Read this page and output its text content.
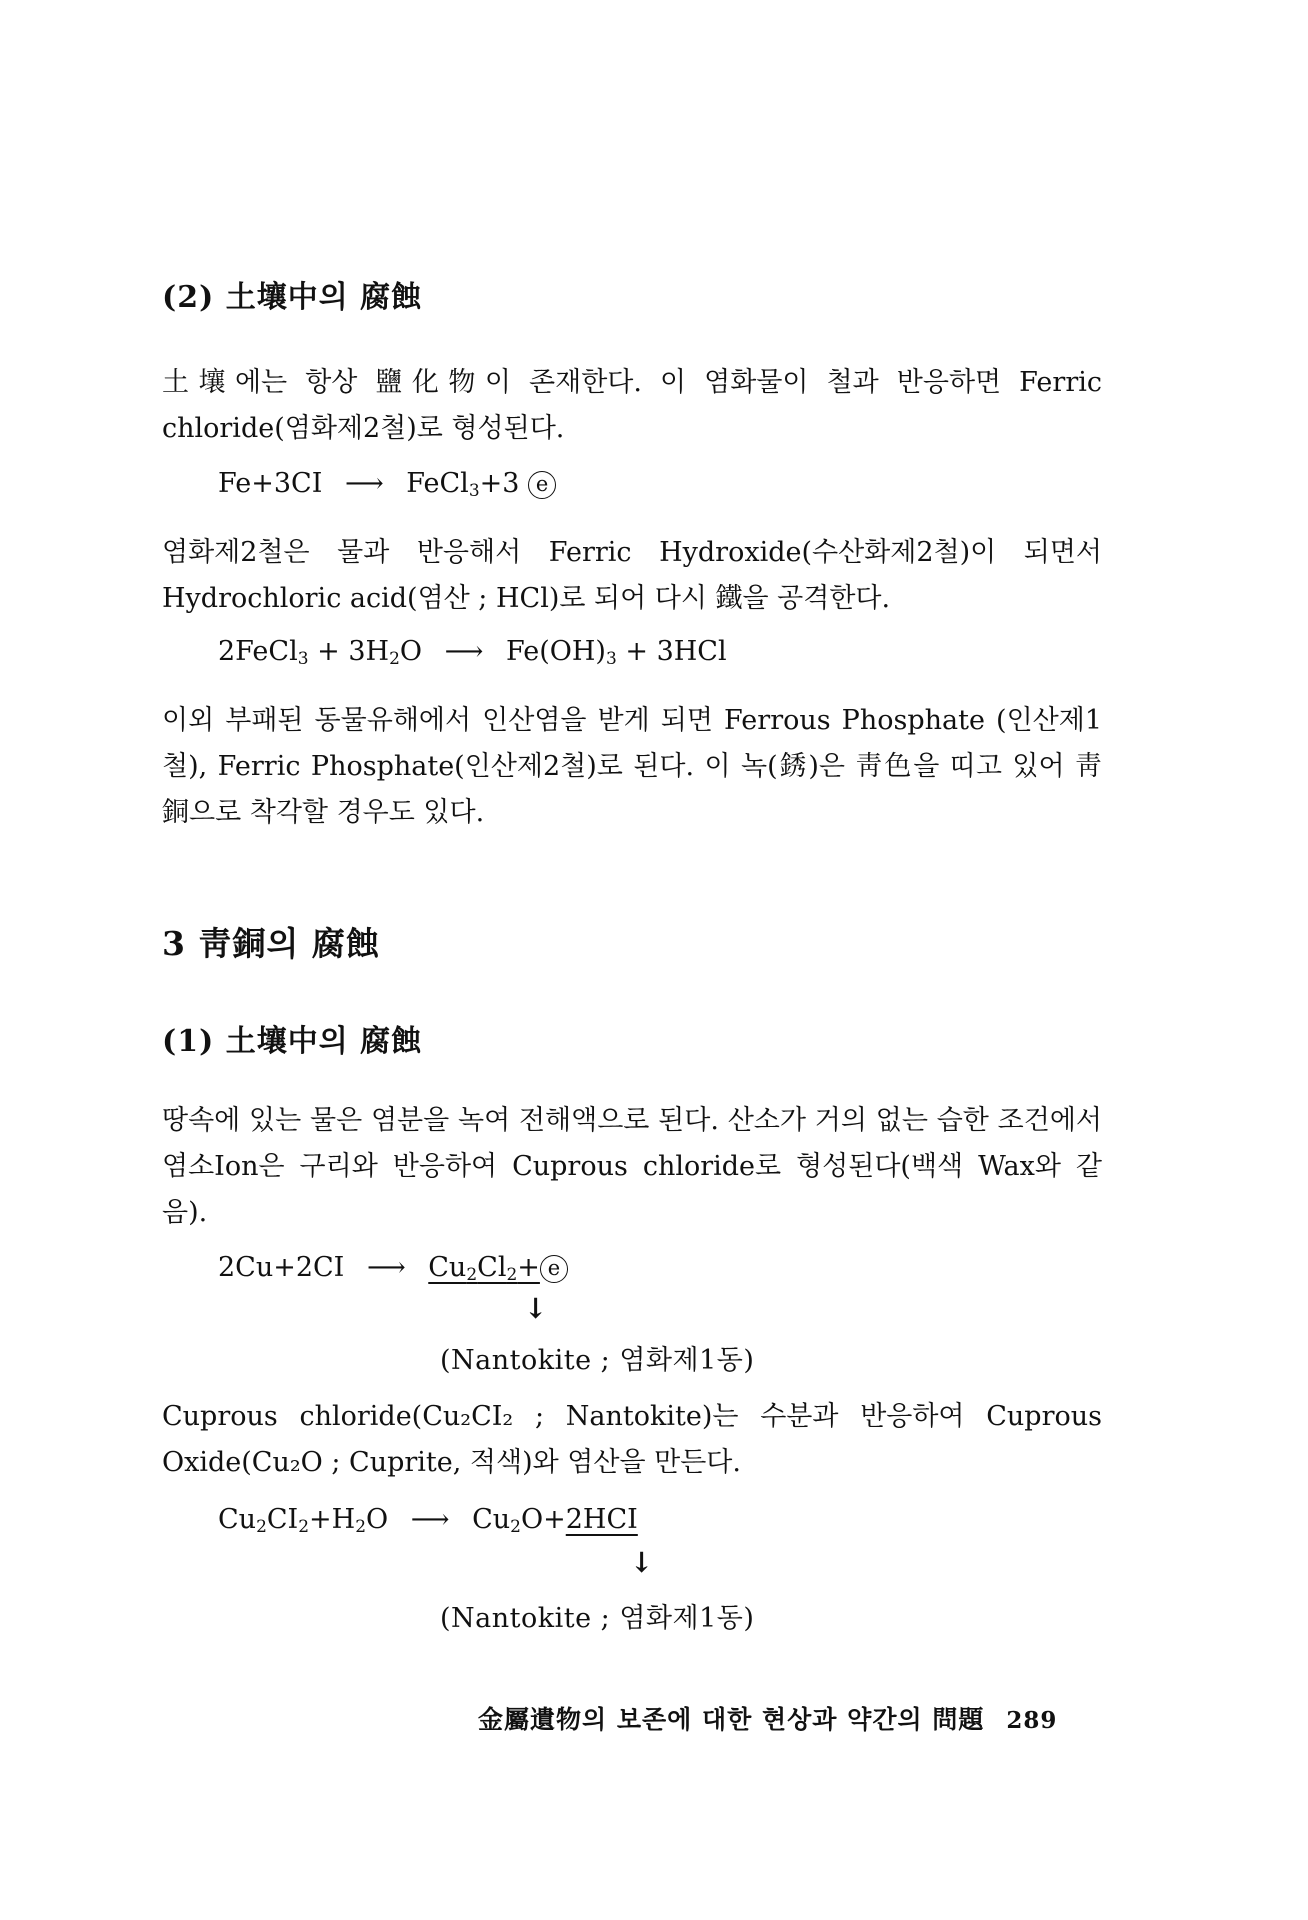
(2) 土壤中의 腐蝕

土壤에는 항상 鹽化物이 존재한다. 이 염화물이 철과 반응하면 Ferric chloride(염화제2철)로 형성된다.

Fe+3CI ⟶ FeCl$_3$+3 e

염화제2철은 물과 반응해서 Ferric Hydroxide(수산화제2철)이 되면서 Hydrochloric acid(염산 ; HCl)로 되어 다시 鐵을 공격한다.

2FeCl$_3$ + $3H_2O$ ⟶ $Fe(OH)_3 + 3HCl$

이외 부패된 동물유해에서 인산염을 받게 되면 Ferrous Phosphate (인산제1철), Ferric Phosphate(인산제2철)로 된다. 이 녹(銹)은 靑色을 띠고 있어 靑銅으로 착각할 경우도 있다.

3 靑銅의 腐蝕
(1) 土壤中의 腐蝕

땅속에 있는 물은 염분을 녹여 전해액으로 된다. 산소가 거의 없는 습한 조건에서 염소Ion은 구리와 반응하여 Cuprous chloride로 형성된다(백색 Wax와 같음).

2Cu+2CI ⟶ $Cu_2Cl_2+ e$
↓
(Nantokite ; 염화제1동)

Cuprous chloride(Cu₂CI₂ ; Nantokite)는 수분과 반응하여 Cuprous Oxide(Cu₂O ; Cuprite, 적색)와 염산을 만든다.

$Cu_2CI_2+H_2O$ ⟶ $Cu_2O+2HCI$
↓
(Nantokite ; 염화제1동)
金屬遺物의 보존에 대한 현상과 약간의 問題 289
